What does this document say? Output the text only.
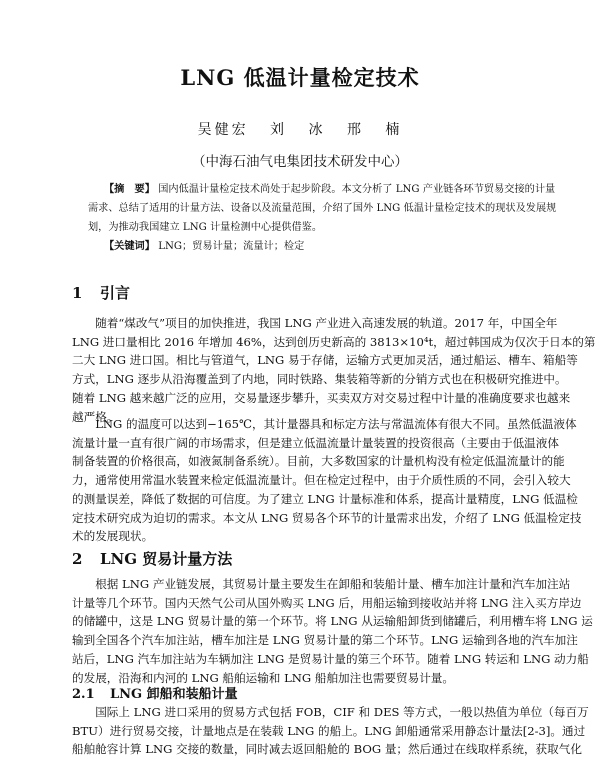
LNG 低温计量检定技术
吴健宏 刘 冰 邢 楠
（中海石油气电集团技术研发中心）
【摘　要】 国内低温计量检定技术尚处于起步阶段。本文分析了 LNG 产业链各环节贸易交接的计量
需求、总结了适用的计量方法、设备以及流量范围，介绍了国外 LNG 低温计量检定技术的现状及发展规
划，为推动我国建立 LNG 计量检测中心提供借鉴。
【关键词】 LNG；贸易计量；流量计；检定
1 引言
随着“煤改气”项目的加快推进，我国 LNG 产业进入高速发展的轨道。2017 年，中国全年
LNG 进口量相比 2016 年增加 46%，达到创历史新高的 3813×10⁴t，超过韩国成为仅次于日本的第
二大 LNG 进口国。相比与管道气，LNG 易于存储，运输方式更加灵活，通过船运、槽车、箱船等
方式，LNG 逐步从沿海覆盖到了内地，同时铁路、集装箱等新的分销方式也在积极研究推进中。
随着 LNG 越来越广泛的应用，交易量逐步攀升，买卖双方对交易过程中计量的准确度要求也越来
越严格。
LNG 的温度可以达到−165℃，其计量器具和标定方法与常温流体有很大不同。虽然低温液体
流量计量一直有很广阔的市场需求，但是建立低温流量计量装置的投资很高（主要由于低温液体
制备装置的价格很高，如液氮制备系统）。目前，大多数国家的计量机构没有检定低温流量计的能
力，通常使用常温水装置来检定低温流量计。但在检定过程中，由于介质性质的不同，会引入较大
的测量误差，降低了数据的可信度。为了建立 LNG 计量标准和体系，提高计量精度，LNG 低温检
定技术研究成为迫切的需求。本文从 LNG 贸易各个环节的计量需求出发，介绍了 LNG 低温检定技
术的发展现状。
2 LNG 贸易计量方法
根据 LNG 产业链发展，其贸易计量主要发生在卸船和装船计量、槽车加注计量和汽车加注站
计量等几个环节。国内天然气公司从国外购买 LNG 后，用船运输到接收站并将 LNG 注入买方岸边
的储罐中，这是 LNG 贸易计量的第一个环节。将 LNG 从运输船卸货到储罐后，利用槽车将 LNG 运
输到全国各个汽车加注站，槽车加注是 LNG 贸易计量的第二个环节。LNG 运输到各地的汽车加注
站后，LNG 汽车加注站为车辆加注 LNG 是贸易计量的第三个环节。随着 LNG 转运和 LNG 动力船
的发展，沿海和内河的 LNG 船舶运输和 LNG 船舶加注也需要贸易计量。
2.1 LNG 卸船和装船计量
国际上 LNG 进口采用的贸易方式包括 FOB，CIF 和 DES 等方式，一般以热值为单位（每百万
BTU）进行贸易交接，计量地点是在装载 LNG 的船上。LNG 卸船通常采用静态计量法[2-3]。通过
船舶舱容计算 LNG 交接的数量，同时减去返回船舱的 BOG 量；然后通过在线取样系统，获取气化
